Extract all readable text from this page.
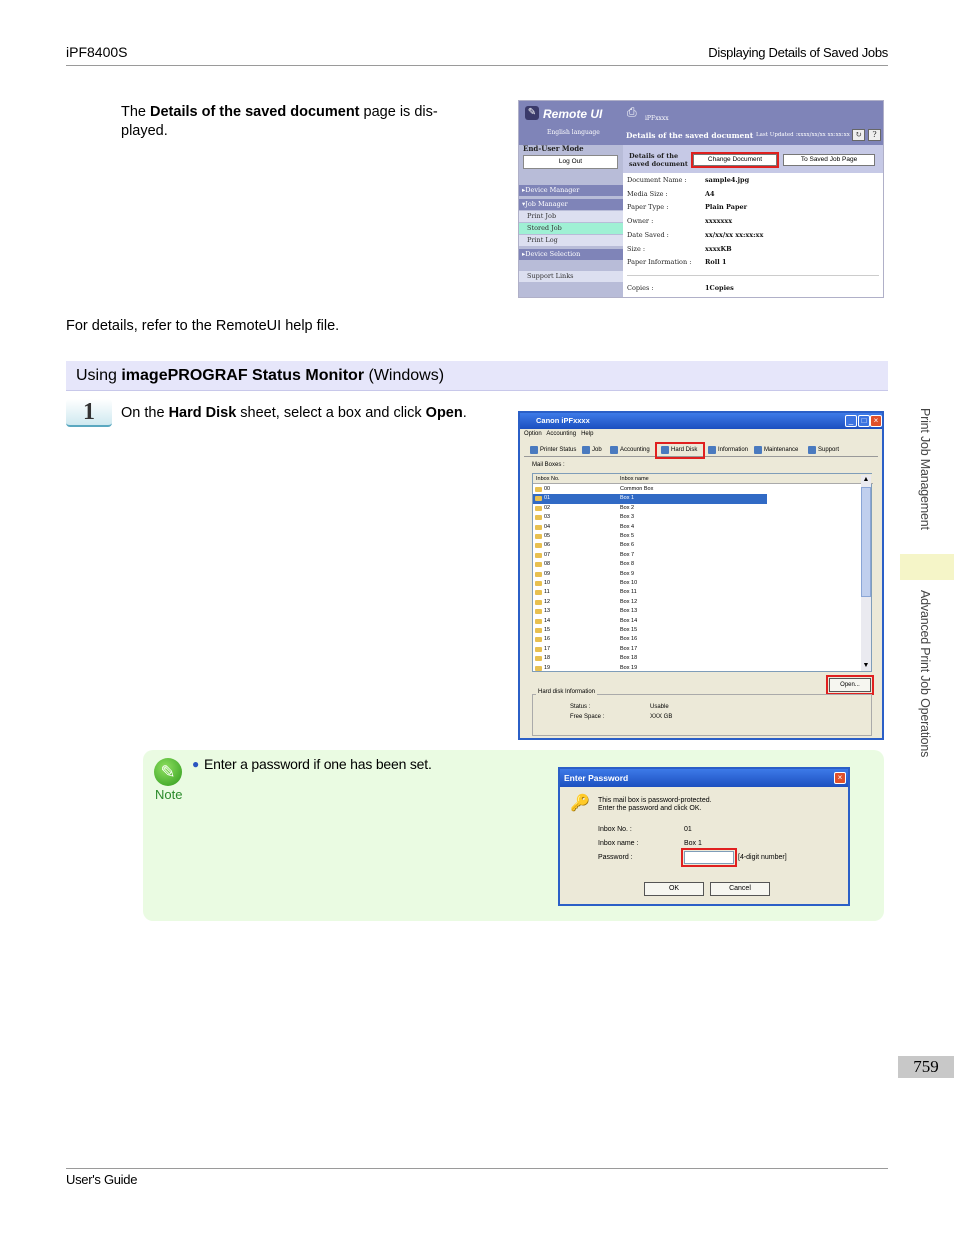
iPF8400S	Displaying Details of Saved Jobs
Print Job Management
Advanced Print Job Operations
759
The Details of the saved document page is dis-
played.
✎ Remote UI
English language
End-User Mode
Log Out
▸Device Manager
▾Job Manager
Print Job
Stored Job
Print Log
▸Device Selection
Support Links
⎙	iPFxxxx
Details of the saved document Last Updated :xxxx/xx/xx xx:xx:xx ↻	?
Details of the saved document
Change Document	To Saved Job Page
Document Name :	sample4.jpg
Media Size :	A4
Paper Type :	Plain Paper
Owner :	xxxxxxx
Date Saved :	xx/xx/xx xx:xx:xx
Size :	xxxxKB
Paper Information : Roll 1
Copies :	1Copies
For details, refer to the RemoteUI help file.
Using imagePROGRAF Status Monitor (Windows)
1	On the Hard Disk sheet, select a box and click Open.	Canon iPFxxxx	_	□ ×
Option Accounting Help
Printer Status	Job	Accounting	Hard Disk	Information	Maintenance	Support
Mail Boxes :
Inbox No.	Inbox name
00	Common Box
01	Box 1
02	Box 2
03	Box 3
04	Box 4
05	Box 5
06	Box 6
07	Box 7
08	Box 8
09	Box 9
10	Box 10
11	Box 11
12	Box 12
13	Box 13
14	Box 14
15	Box 15
16	Box 16
17	Box 17
18	Box 18
19	Box 19
▲
▼
Open...
Hard disk Information
Status :	Usable
Free Space :	XXX GB
✎
Note
● Enter a password if one has been set.
Enter Password	×
🔑 This mail box is password-protected.
Enter the password and click OK.
Inbox No. :	01
Inbox name :	Box 1
Password :	[4-digit number]
OK	Cancel
User's Guide
